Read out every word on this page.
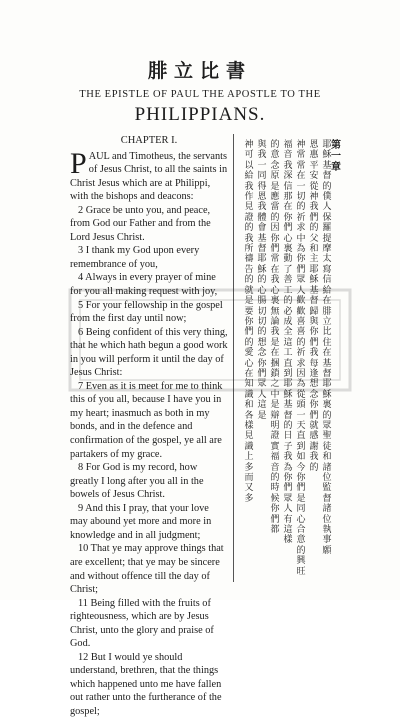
腓立比書
THE EPISTLE OF PAUL THE APOSTLE TO THE
PHILIPPIANS.
CHAPTER I.
PAUL and Timotheus, the servants of Jesus Christ, to all the saints in Christ Jesus which are at Philippi, with the bishops and deacons:
2 Grace be unto you, and peace, from God our Father and from the Lord Jesus Christ.
3 I thank my God upon every remembrance of you,
4 Always in every prayer of mine for you all making request with joy,
5 For your fellowship in the gospel from the first day until now;
6 Being confident of this very thing, that he which hath begun a good work in you will perform it until the day of Jesus Christ:
7 Even as it is meet for me to think this of you all, because I have you in my heart; inasmuch as both in my bonds, and in the defence and confirmation of the gospel, ye all are partakers of my grace.
8 For God is my record, how greatly I long after you all in the bowels of Jesus Christ.
9 And this I pray, that your love may abound yet more and more in knowledge and in all judgment;
10 That ye may approve things that are excellent; that ye may be sincere and without offence till the day of Christ;
11 Being filled with the fruits of righteousness, which are by Jesus Christ, unto the glory and praise of God.
12 But I would ye should understand, brethren, that the things which happened unto me have fallen out rather unto the furtherance of the gospel;
第一章
耶穌基督的僕人保羅提摩太寫信給在腓立比住在基督耶穌裏的眾聖徒和諸位監督諸位執事願
恩惠平安從神我們的父和主耶穌基督歸與你們我每逢想念你們就感謝我的
神常常在一切的祈求中為你們眾人歡歡喜喜的祈求因為從頭一天直到如今你們是同心合意的興旺
福音我深信那在你們心裏動了善工的必成全這工直到耶穌基督的日子我為你們眾人有這樣
的意念原是應當的因你們常在我心裏無論我是在捆鎖之中是辯明證實福音的時候你們都
與我一同得恩我體會基督耶穌的心腸切切的想念你們眾人這是
神可以給我作見證的我所禱告的就是要你們的愛心在知識和各樣見識上多而又多
